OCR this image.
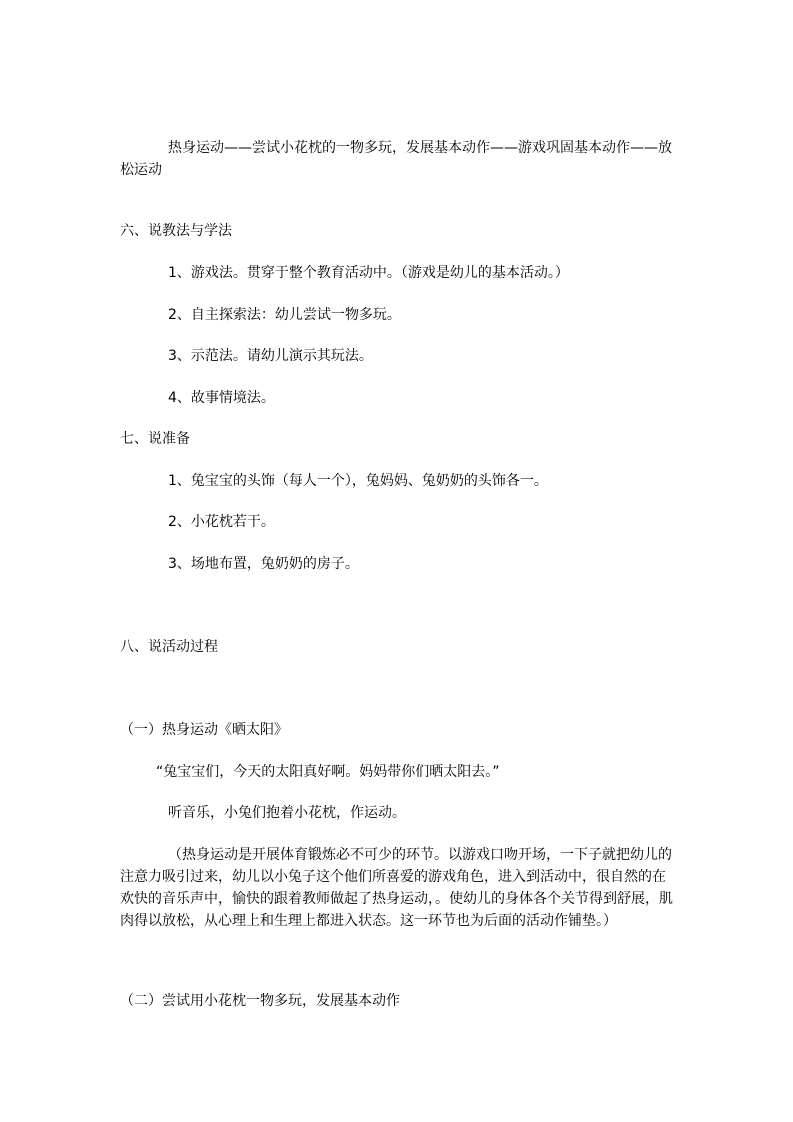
热身运动——尝试小花枕的一物多玩，发展基本动作——游戏巩固基本动作——放松运动
六、说教法与学法
1、游戏法。贯穿于整个教育活动中。（游戏是幼儿的基本活动。）
2、自主探索法：幼儿尝试一物多玩。
3、示范法。请幼儿演示其玩法。
4、故事情境法。
七、说准备
1、兔宝宝的头饰（每人一个），兔妈妈、兔奶奶的头饰各一。
2、小花枕若干。
3、场地布置，兔奶奶的房子。
八、说活动过程
（一）热身运动《晒太阳》
“兔宝宝们，今天的太阳真好啊。妈妈带你们晒太阳去。”
听音乐，小兔们抱着小花枕，作运动。
（热身运动是开展体育锻炼必不可少的环节。以游戏口吻开场，一下子就把幼儿的注意力吸引过来，幼儿以小兔子这个他们所喜爱的游戏角色，进入到活动中，很自然的在欢快的音乐声中，愉快的跟着教师做起了热身运动，。使幼儿的身体各个关节得到舒展，肌肉得以放松，从心理上和生理上都进入状态。这一环节也为后面的活动作铺垫。）
（二）尝试用小花枕一物多玩，发展基本动作
